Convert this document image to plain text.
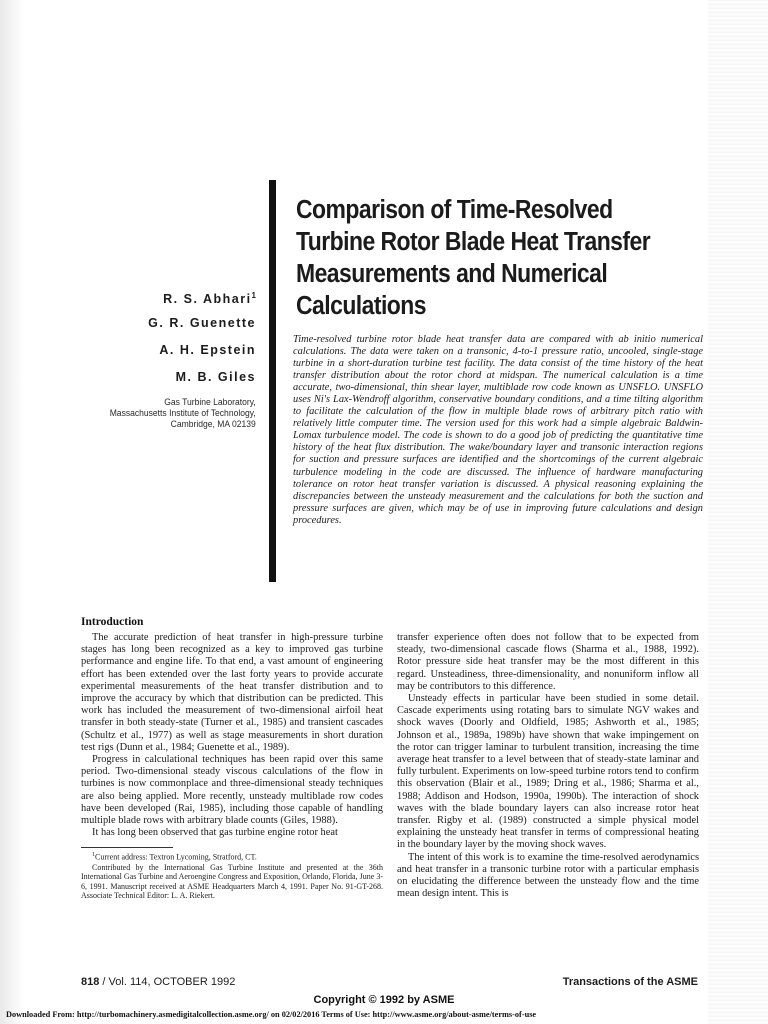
Comparison of Time-Resolved Turbine Rotor Blade Heat Transfer Measurements and Numerical Calculations
R. S. Abhari$^1$
G. R. Guenette
A. H. Epstein
M. B. Giles
Gas Turbine Laboratory,
Massachusetts Institute of Technology,
Cambridge, MA 02139

Time-resolved turbine rotor blade heat transfer data are compared with ab initio numerical calculations. The data were taken on a transonic, 4-to-1 pressure ratio, uncooled, single-stage turbine in a short-duration turbine test facility. The data consist of the time history of the heat transfer distribution about the rotor chord at midspan. The numerical calculation is a time accurate, two-dimensional, thin shear layer, multiblade row code known as UNSFLO. UNSFLO uses Ni's Lax-Wendroff algorithm, conservative boundary conditions, and a time tilting algorithm to facilitate the calculation of the flow in multiple blade rows of arbitrary pitch ratio with relatively little computer time. The version used for this work had a simple algebraic Baldwin-Lomax turbulence model. The code is shown to do a good job of predicting the quantitative time history of the heat flux distribution. The wake/boundary layer and transonic interaction regions for suction and pressure surfaces are identified and the shortcomings of the current algebraic turbulence modeling in the code are discussed. The influence of hardware manufacturing tolerance on rotor heat transfer variation is discussed. A physical reasoning explaining the discrepancies between the unsteady measurement and the calculations for both the suction and pressure surfaces are given, which may be of use in improving future calculations and design procedures.

Introduction

The accurate prediction of heat transfer in high-pressure turbine stages has long been recognized as a key to improved gas turbine performance and engine life. To that end, a vast amount of engineering effort has been extended over the last forty years to provide accurate experimental measurements of the heat transfer distribution and to improve the accuracy by which that distribution can be predicted. This work has included the measurement of two-dimensional airfoil heat transfer in both steady-state (Turner et al., 1985) and transient cascades (Schultz et al., 1977) as well as stage measurements in short duration test rigs (Dunn et al., 1984; Guenette et al., 1989).

Progress in calculational techniques has been rapid over this same period. Two-dimensional steady viscous calculations of the flow in turbines is now commonplace and three-dimensional steady techniques are also being applied. More recently, unsteady multiblade row codes have been developed (Rai, 1985), including those capable of handling multiple blade rows with arbitrary blade counts (Giles, 1988).

It has long been observed that gas turbine engine rotor heat

$^1$Current address: Textron Lycoming, Stratford, CT.

Contributed by the International Gas Turbine Institute and presented at the 36th International Gas Turbine and Aeroengine Congress and Exposition, Orlando, Florida, June 3-6, 1991. Manuscript received at ASME Headquarters March 4, 1991. Paper No. 91-GT-268. Associate Technical Editor: L. A. Riekert.

transfer experience often does not follow that to be expected from steady, two-dimensional cascade flows (Sharma et al., 1988, 1992). Rotor pressure side heat transfer may be the most different in this regard. Unsteadiness, three-dimensionality, and nonuniform inflow all may be contributors to this difference.

Unsteady effects in particular have been studied in some detail. Cascade experiments using rotating bars to simulate NGV wakes and shock waves (Doorly and Oldfield, 1985; Ashworth et al., 1985; Johnson et al., 1989a, 1989b) have shown that wake impingement on the rotor can trigger laminar to turbulent transition, increasing the time average heat transfer to a level between that of steady-state laminar and fully turbulent. Experiments on low-speed turbine rotors tend to confirm this observation (Blair et al., 1989; Dring et al., 1986; Sharma et al., 1988; Addison and Hodson, 1990a, 1990b). The interaction of shock waves with the blade boundary layers can also increase rotor heat transfer. Rigby et al. (1989) constructed a simple physical model explaining the unsteady heat transfer in terms of compressional heating in the boundary layer by the moving shock waves.

The intent of this work is to examine the time-resolved aerodynamics and heat transfer in a transonic turbine rotor with a particular emphasis on elucidating the difference between the unsteady flow and the time mean design intent. This is

818 / Vol. 114, OCTOBER 1992	Transactions of the ASME
Copyright © 1992 by ASME
Downloaded From: http://turbomachinery.asmedigitalcollection.asme.org/ on 02/02/2016 Terms of Use: http://www.asme.org/about-asme/terms-of-use
